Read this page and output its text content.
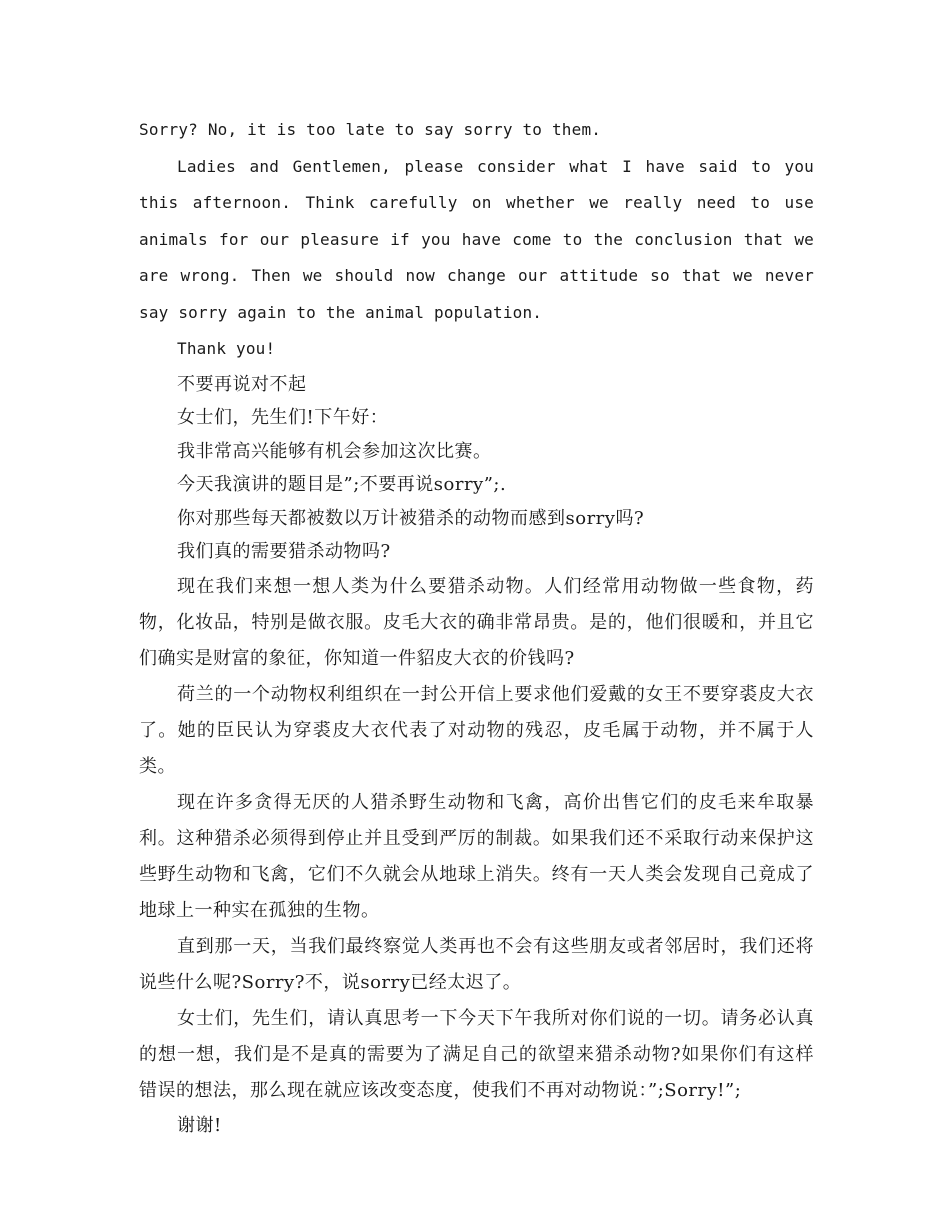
Sorry? No, it is too late to say sorry to them.

Ladies and Gentlemen, please consider what I have said to you this afternoon. Think carefully on whether we really need to use animals for our pleasure if you have come to the conclusion that we are wrong. Then we should now change our attitude so that we never say sorry again to the animal population.

Thank you!

不要再说对不起

女士们，先生们!下午好：

我非常高兴能够有机会参加这次比赛。

今天我演讲的题目是”;不要再说sorry”;.

你对那些每天都被数以万计被猎杀的动物而感到sorry吗?

我们真的需要猎杀动物吗?

现在我们来想一想人类为什么要猎杀动物。人们经常用动物做一些食物，药物，化妆品，特别是做衣服。皮毛大衣的确非常昂贵。是的，他们很暖和，并且它们确实是财富的象征，你知道一件貂皮大衣的价钱吗?

荷兰的一个动物权利组织在一封公开信上要求他们爱戴的女王不要穿裘皮大衣了。她的臣民认为穿裘皮大衣代表了对动物的残忍，皮毛属于动物，并不属于人类。

现在许多贪得无厌的人猎杀野生动物和飞禽，高价出售它们的皮毛来牟取暴利。这种猎杀必须得到停止并且受到严厉的制裁。如果我们还不采取行动来保护这些野生动物和飞禽，它们不久就会从地球上消失。终有一天人类会发现自己竟成了地球上一种实在孤独的生物。

直到那一天，当我们最终察觉人类再也不会有这些朋友或者邻居时，我们还将说些什么呢?Sorry?不，说sorry已经太迟了。

女士们，先生们，请认真思考一下今天下午我所对你们说的一切。请务必认真的想一想，我们是不是真的需要为了满足自己的欲望来猎杀动物?如果你们有这样错误的想法，那么现在就应该改变态度，使我们不再对动物说：”;Sorry!”;

谢谢!
